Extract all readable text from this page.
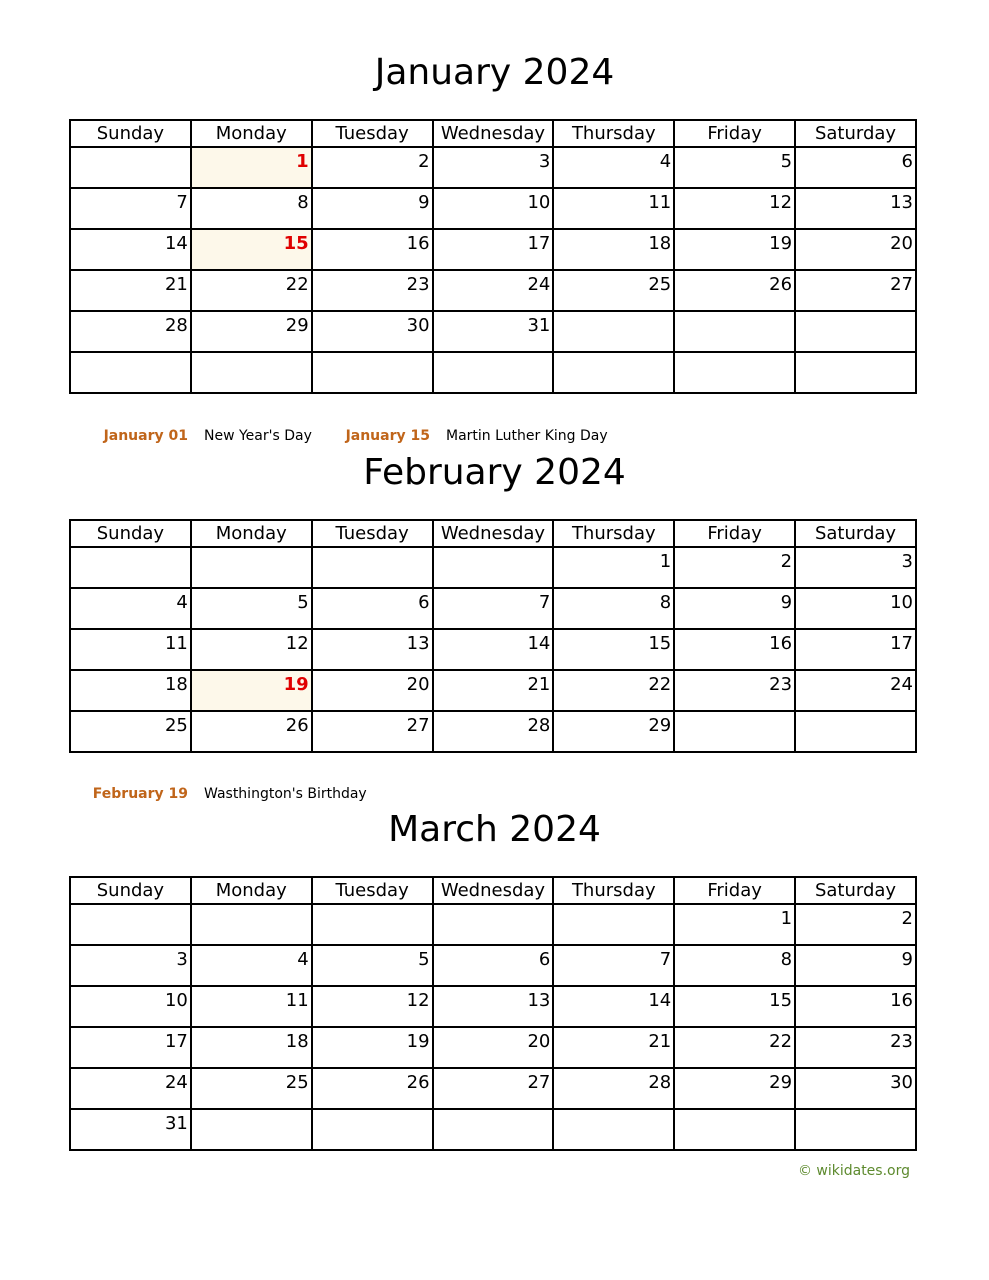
January 2024
Sunday	Monday	Tuesday	Wednesday	Thursday	Friday	Saturday

	1	2	3	4	5	6

7	8	9	10	11	12	13

14	15	16	17	18	19	20

21	22	23	24	25	26	27

28	29	30	31			

January 01 New Year's Day	January 15 Martin Luther King Day
February 2024
Sunday	Monday	Tuesday	Wednesday	Thursday	Friday	Saturday

				1	2	3

4	5	6	7	8	9	10

11	12	13	14	15	16	17

18	19	20	21	22	23	24

25	26	27	28	29		

February 19 Wasthington's Birthday
March 2024
Sunday	Monday	Tuesday	Wednesday	Thursday	Friday	Saturday

					1	2

3	4	5	6	7	8	9

10	11	12	13	14	15	16

17	18	19	20	21	22	23

24	25	26	27	28	29	30

31						

© wikidates.org
